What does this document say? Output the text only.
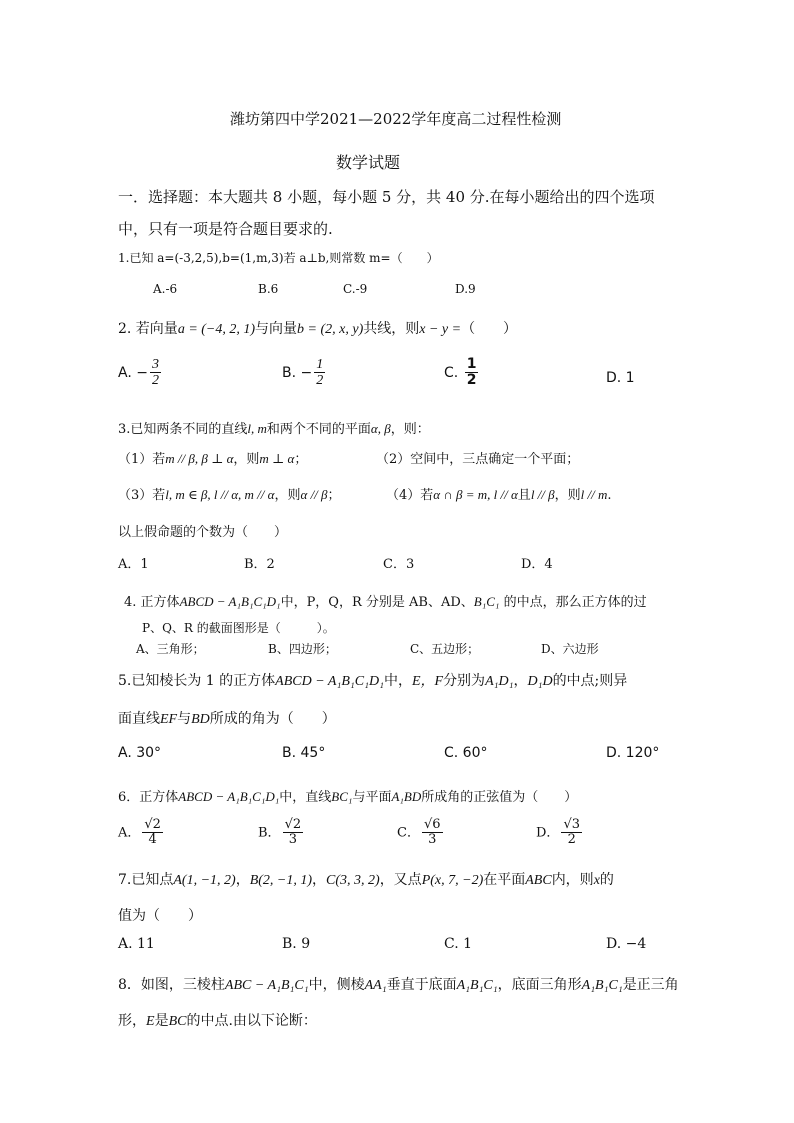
潍坊第四中学2021—2022学年度高二过程性检测
数学试题
一．选择题：本大题共 8 小题，每小题 5 分，共 40 分.在每小题给出的四个选项
中，只有一项是符合题目要求的.
1.已知 a=(-3,2,5),b=(1,m,3)若 a⊥b,则常数 m=（　　）
A.-6	B.6	C.-9	D.9
2. 若向量a = (−4, 2, 1)与向量b = (2, x, y)共线，则x − y =（　　）
A. − $\frac{3}{2}$	B. − $\frac{1}{2}$	C. $\frac{1}{2}$	D. 1
3.已知两条不同的直线l, m和两个不同的平面α, β，则：
（1）若m // β, β ⊥ α，则m ⊥ α；	（2）空间中，三点确定一个平面；
（3）若l, m ∈ β, l // α, m // α，则α // β；	（4）若α ∩ β = m, l // α且l // β，则l // m.
以上假命题的个数为（　　）
A．1	B．2	C．3	D．4
4. 正方体ABCD − A₁B₁C₁D₁中，P，Q，R 分别是 AB、AD、B₁C₁ 的中点，那么正方体的过
P、Q、R 的截面图形是（　　　）。
A、三角形；	B、四边形；	C、五边形；	D、六边形
5.已知棱长为 1 的正方体ABCD − A₁B₁C₁D₁中，E，F分别为A₁D₁，D₁D的中点;则异
面直线EF与BD所成的角为（　　）
A. 30°	B. 45°	C. 60°	D. 120°
6．正方体ABCD − A₁B₁C₁D₁中，直线BC₁与平面A₁BD所成角的正弦值为（　　）
A． $\frac{√2}{4}$	B． $\frac{√2}{3}$	C． $\frac{√6}{3}$	D． $\frac{√3}{2}$
7.已知点A(1, −1, 2)，B(2, −1, 1)，C(3, 3, 2)，又点P(x, 7, −2)在平面ABC内，则x的
值为（　　）
A. 11	B. 9	C. 1	D. −4
8．如图，三棱柱ABC − A₁B₁C₁中，侧棱AA₁垂直于底面A₁B₁C₁，底面三角形A₁B₁C₁是正三角
形，E是BC的中点.由以下论断：
